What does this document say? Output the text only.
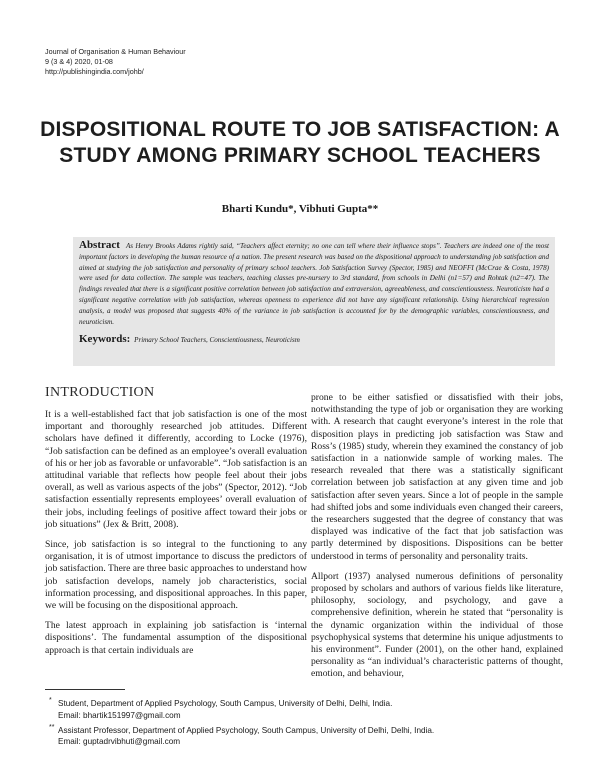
Journal of Organisation & Human Behaviour
9 (3 & 4) 2020, 01-08
http://publishingindia.com/johb/
DISPOSITIONAL ROUTE TO JOB SATISFACTION: A STUDY AMONG PRIMARY SCHOOL TEACHERS
Bharti Kundu*, Vibhuti Gupta**

Abstract As Henry Brooks Adams rightly said, “Teachers affect eternity; no one can tell where their influence stops”. Teachers are indeed one of the most important factors in developing the human resource of a nation. The present research was based on the dispositional approach to understanding job satisfaction and aimed at studying the job satisfaction and personality of primary school teachers. Job Satisfaction Survey (Spector, 1985) and NEOFFI (McCrae & Costa, 1978) were used for data collection. The sample was teachers, teaching classes pre-nursery to 3rd standard, from schools in Delhi (n1=57) and Rohtak (n2=47). The findings revealed that there is a significant positive correlation between job satisfaction and extraversion, agreeableness, and conscientiousness. Neuroticism had a significant negative correlation with job satisfaction, whereas openness to experience did not have any significant relationship. Using hierarchical regression analysis, a model was proposed that suggests 40% of the variance in job satisfaction is accounted for by the demographic variables, conscientiousness, and neuroticism.

Keywords: Primary School Teachers, Conscientiousness, Neuroticism
INTRODUCTION

It is a well-established fact that job satisfaction is one of the most important and thoroughly researched job attitudes. Different scholars have defined it differently, according to Locke (1976), “Job satisfaction can be defined as an employee’s overall evaluation of his or her job as favorable or unfavorable”. “Job satisfaction is an attitudinal variable that reflects how people feel about their jobs overall, as well as various aspects of the jobs” (Spector, 2012). “Job satisfaction essentially represents employees’ overall evaluation of their jobs, including feelings of positive affect toward their jobs or job situations” (Jex & Britt, 2008).

Since, job satisfaction is so integral to the functioning to any organisation, it is of utmost importance to discuss the predictors of job satisfaction. There are three basic approaches to understand how job satisfaction develops, namely job characteristics, social information processing, and dispositional approaches. In this paper, we will be focusing on the dispositional approach.

The latest approach in explaining job satisfaction is ‘internal dispositions’. The fundamental assumption of the dispositional approach is that certain individuals are

prone to be either satisfied or dissatisfied with their jobs, notwithstanding the type of job or organisation they are working with. A research that caught everyone’s interest in the role that disposition plays in predicting job satisfaction was Staw and Ross’s (1985) study, wherein they examined the constancy of job satisfaction in a nationwide sample of working males. The research revealed that there was a statistically significant correlation between job satisfaction at any given time and job satisfaction after seven years. Since a lot of people in the sample had shifted jobs and some individuals even changed their careers, the researchers suggested that the degree of constancy that was displayed was indicative of the fact that job satisfaction was partly determined by dispositions. Dispositions can be better understood in terms of personality and personality traits.

Allport (1937) analysed numerous definitions of personality proposed by scholars and authors of various fields like literature, philosophy, sociology, and psychology, and gave a comprehensive definition, wherein he stated that “personality is the dynamic organization within the individual of those psychophysical systems that determine his unique adjustments to his environment”. Funder (2001), on the other hand, explained personality as “an individual’s characteristic patterns of thought, emotion, and behaviour,

* Student, Department of Applied Psychology, South Campus, University of Delhi, Delhi, India.
Email: bhartik151997@gmail.com
** Assistant Professor, Department of Applied Psychology, South Campus, University of Delhi, Delhi, India.
Email: guptadrvibhuti@gmail.com
